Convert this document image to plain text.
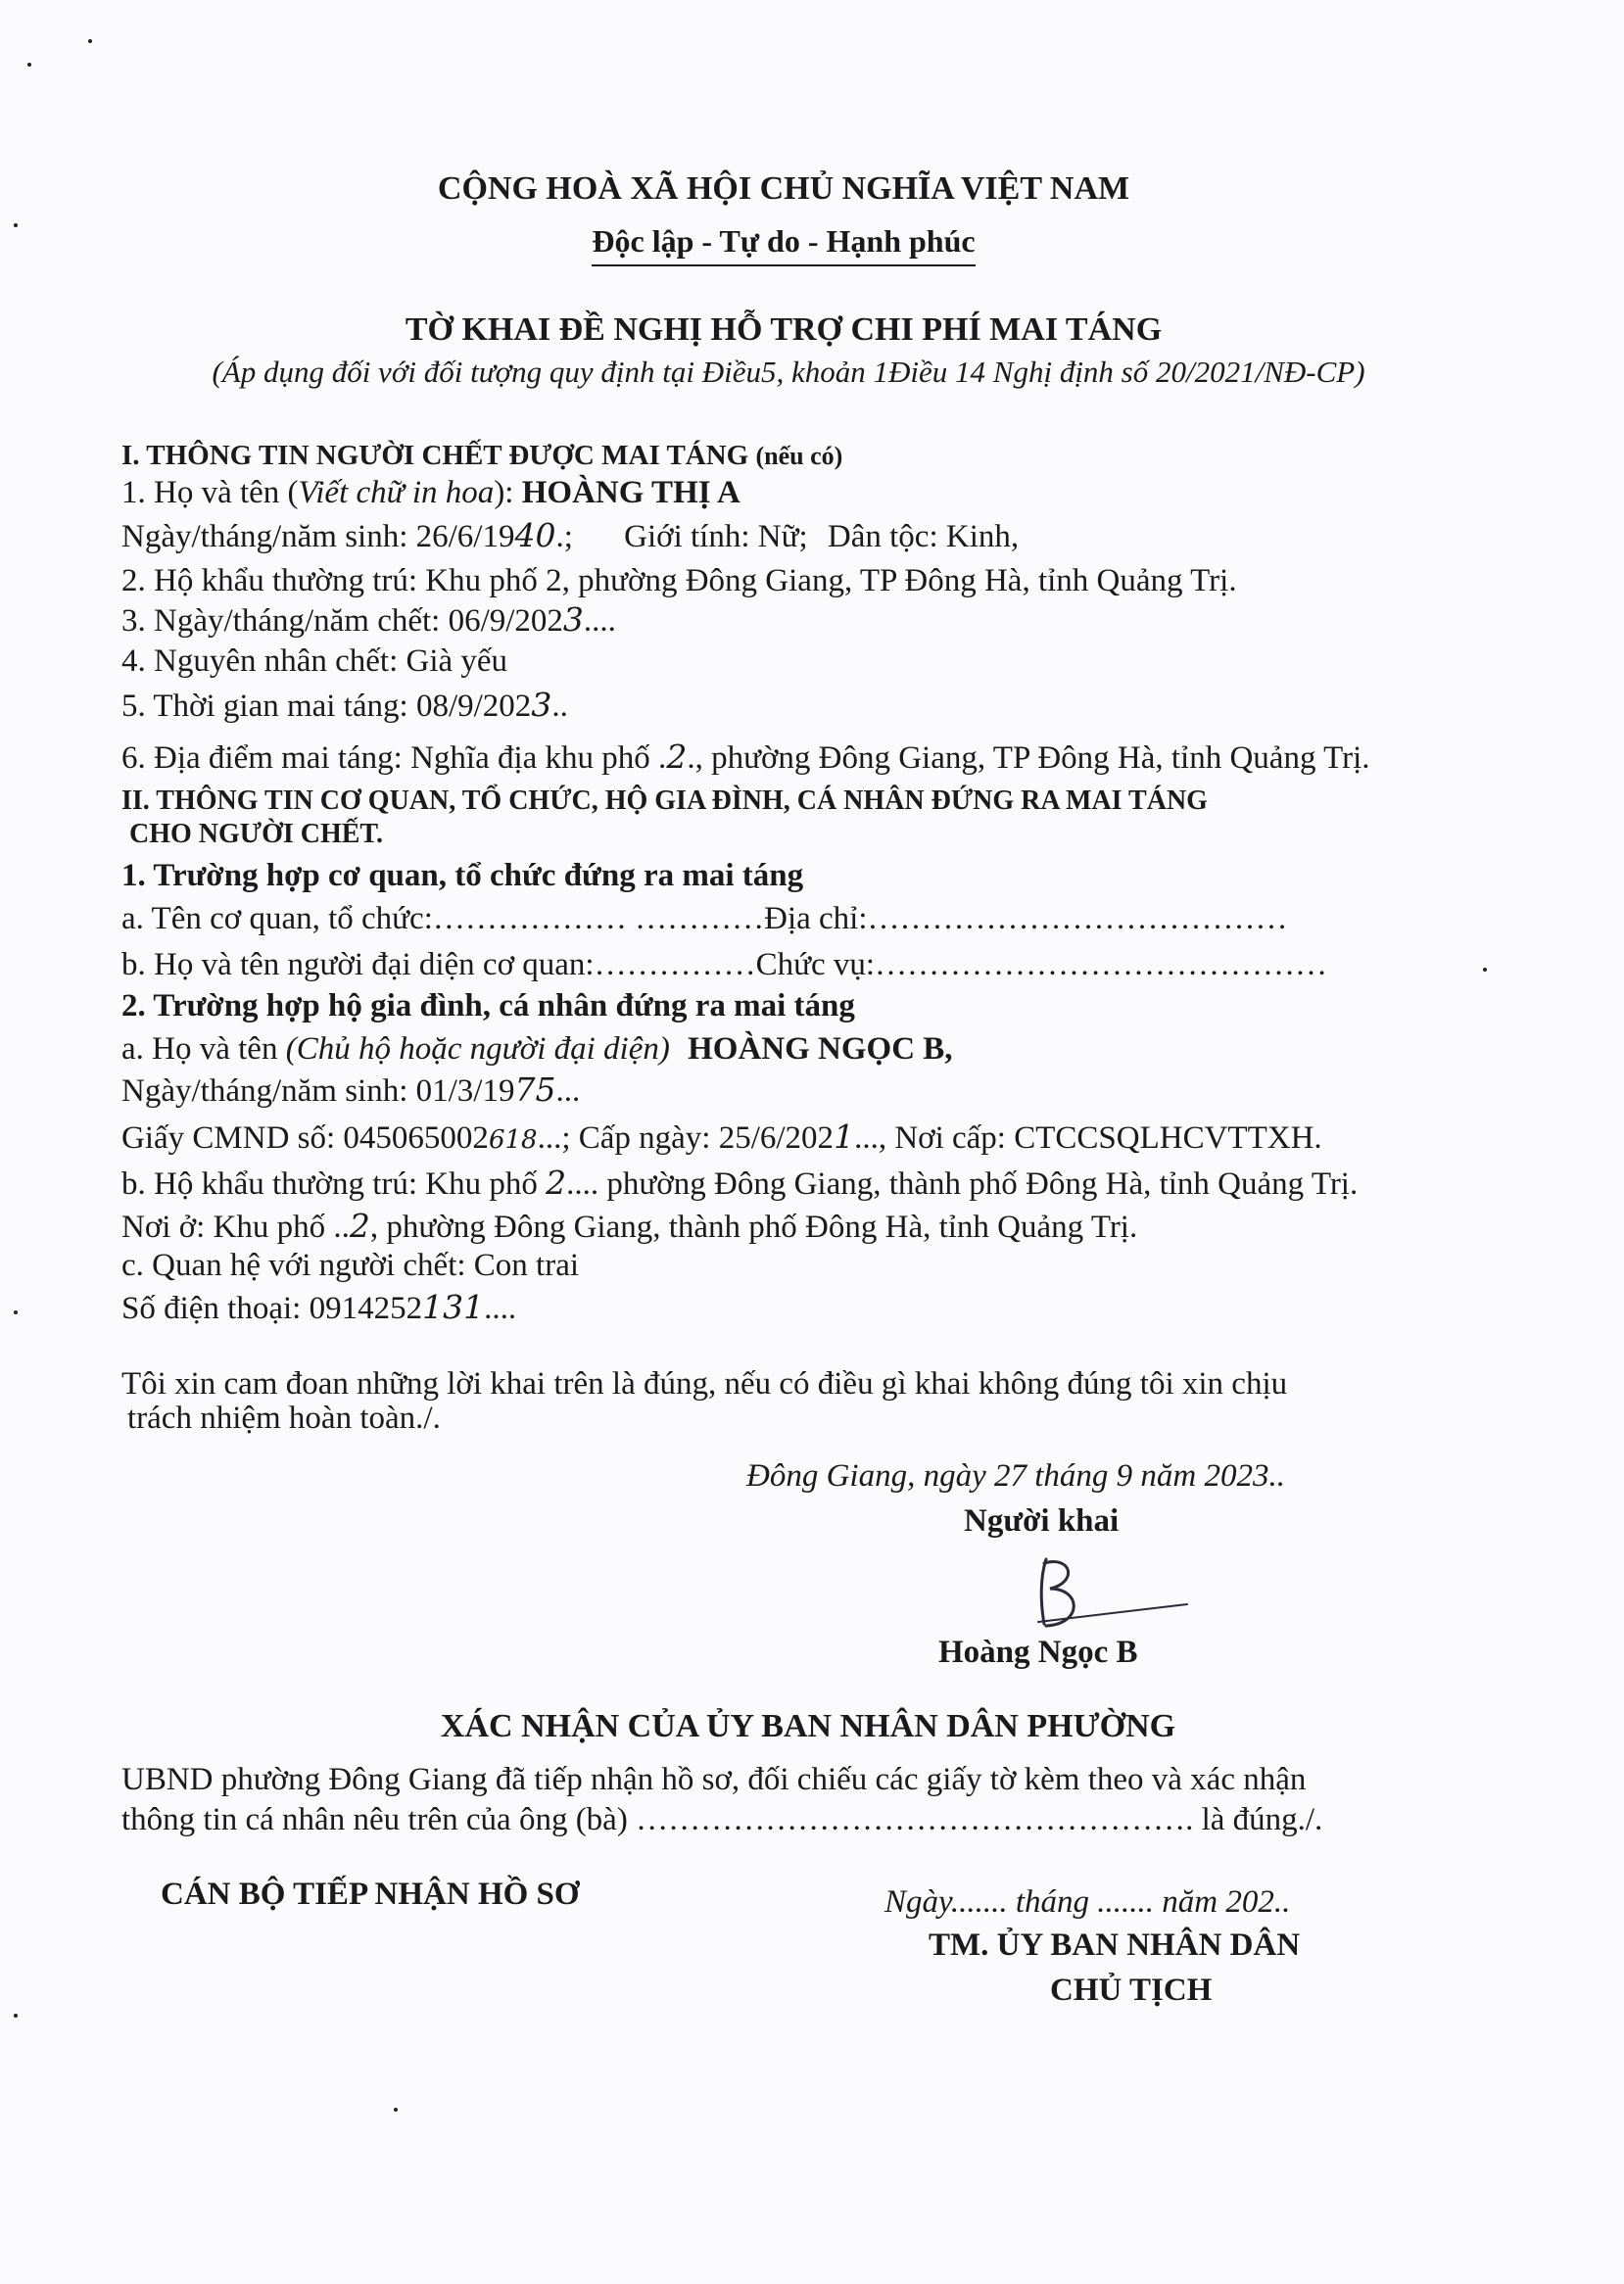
CỘNG HOÀ XÃ HỘI CHỦ NGHĨA VIỆT NAM
Độc lập - Tự do - Hạnh phúc
TỜ KHAI ĐỀ NGHỊ HỖ TRỢ CHI PHÍ MAI TÁNG
(Áp dụng đối với đối tượng quy định tại Điều5, khoản 1Điều 14 Nghị định số 20/2021/NĐ-CP)
I. THÔNG TIN NGƯỜI CHẾT ĐƯỢC MAI TÁNG (nếu có)
1. Họ và tên (Viết chữ in hoa): HOÀNG THỊ A
Ngày/tháng/năm sinh: 26/6/1940.; Giới tính: Nữ; Dân tộc: Kinh,
2. Hộ khẩu thường trú: Khu phố 2, phường Đông Giang, TP Đông Hà, tỉnh Quảng Trị.
3. Ngày/tháng/năm chết: 06/9/2023....
4. Nguyên nhân chết: Già yếu
5. Thời gian mai táng: 08/9/2023..
6. Địa điểm mai táng: Nghĩa địa khu phố .2., phường Đông Giang, TP Đông Hà, tỉnh Quảng Trị.
II. THÔNG TIN CƠ QUAN, TỔ CHỨC, HỘ GIA ĐÌNH, CÁ NHÂN ĐỨNG RA MAI TÁNG
CHO NGƯỜI CHẾT.
1. Trường hợp cơ quan, tổ chức đứng ra mai táng
a. Tên cơ quan, tổ chức:……………… …………Địa chỉ:…………………………………
b. Họ và tên người đại diện cơ quan:……………Chức vụ:……………………………………
2. Trường hợp hộ gia đình, cá nhân đứng ra mai táng
a. Họ và tên (Chủ hộ hoặc người đại diện) HOÀNG NGỌC B,
Ngày/tháng/năm sinh: 01/3/1975...
Giấy CMND số: 045065002618...; Cấp ngày: 25/6/2021..., Nơi cấp: CTCCSQLHCVTTXH.
b. Hộ khẩu thường trú: Khu phố 2.... phường Đông Giang, thành phố Đông Hà, tỉnh Quảng Trị.
Nơi ở: Khu phố ..2, phường Đông Giang, thành phố Đông Hà, tỉnh Quảng Trị.
c. Quan hệ với người chết: Con trai
Số điện thoại: 0914252131....
Tôi xin cam đoan những lời khai trên là đúng, nếu có điều gì khai không đúng tôi xin chịu
trách nhiệm hoàn toàn./.
Đông Giang, ngày 27 tháng 9 năm 2023..
Người khai
Hoàng Ngọc B
XÁC NHẬN CỦA ỦY BAN NHÂN DÂN PHƯỜNG
UBND phường Đông Giang đã tiếp nhận hồ sơ, đối chiếu các giấy tờ kèm theo và xác nhận
thông tin cá nhân nêu trên của ông (bà) ……………………………………………. là đúng./.
CÁN BỘ TIẾP NHẬN HỒ SƠ	Ngày....... tháng ....... năm 202..
TM. ỦY BAN NHÂN DÂN
CHỦ TỊCH
